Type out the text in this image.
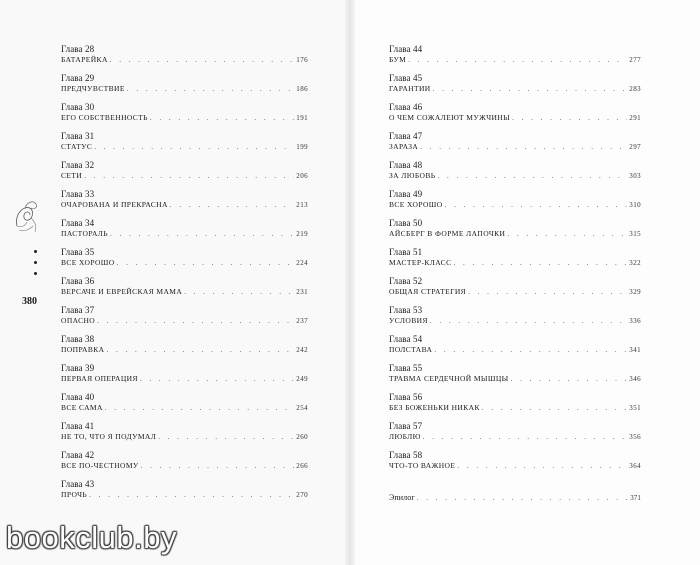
380
Глава 28
БАТАРЕЙКА . . .	176
Глава 29
ПРЕДЧУВСТВИЕ . . .	186
Глава 30
ЕГО СОБСТВЕННОСТЬ . . .	191
Глава 31
СТАТУС . . .	199
Глава 32
СЕТИ . . .	206
Глава 33
ОЧАРОВАНА И ПРЕКРАСНА . . .	213
Глава 34
ПАСТОРАЛЬ . . .	219
Глава 35
ВСЕ ХОРОШО . . .	224
Глава 36
ВЕРСАЧЕ И ЕВРЕЙСКАЯ МАМА . . .	231
Глава 37
ОПАСНО . . .	237
Глава 38
ПОПРАВКА . . .	242
Глава 39
ПЕРВАЯ ОПЕРАЦИЯ . . .	249
Глава 40
ВСЕ САМА . . .	254
Глава 41
НЕ ТО, ЧТО Я ПОДУМАЛ . . .	260
Глава 42
ВСЕ ПО-ЧЕСТНОМУ . . .	266
Глава 43
ПРОЧЬ . . .	270
Глава 44
БУМ . . .	277
Глава 45
ГАРАНТИИ . . .	283
Глава 46
О ЧЕМ СОЖАЛЕЮТ МУЖЧИНЫ . . .	291
Глава 47
ЗАРАЗА . . .	297
Глава 48
ЗА ЛЮБОВЬ . . .	303
Глава 49
ВСЕ ХОРОШО . . .	310
Глава 50
АЙСБЕРГ В ФОРМЕ ЛАПОЧКИ . . .	315
Глава 51
МАСТЕР-КЛАСС . . .	322
Глава 52
ОБЩАЯ СТРАТЕГИЯ . . .	329
Глава 53
УСЛОВИЯ . . .	336
Глава 54
ПОЛСТАВА . . .	341
Глава 55
ТРАВМА СЕРДЕЧНОЙ МЫШЦЫ . . .	346
Глава 56
БЕЗ БОЖЕНЬКИ НИКАК . . .	351
Глава 57
ЛЮБЛЮ . . .	356
Глава 58
ЧТО-ТО ВАЖНОЕ . . .	364
Эпилог . . .	371
bookclub.by
